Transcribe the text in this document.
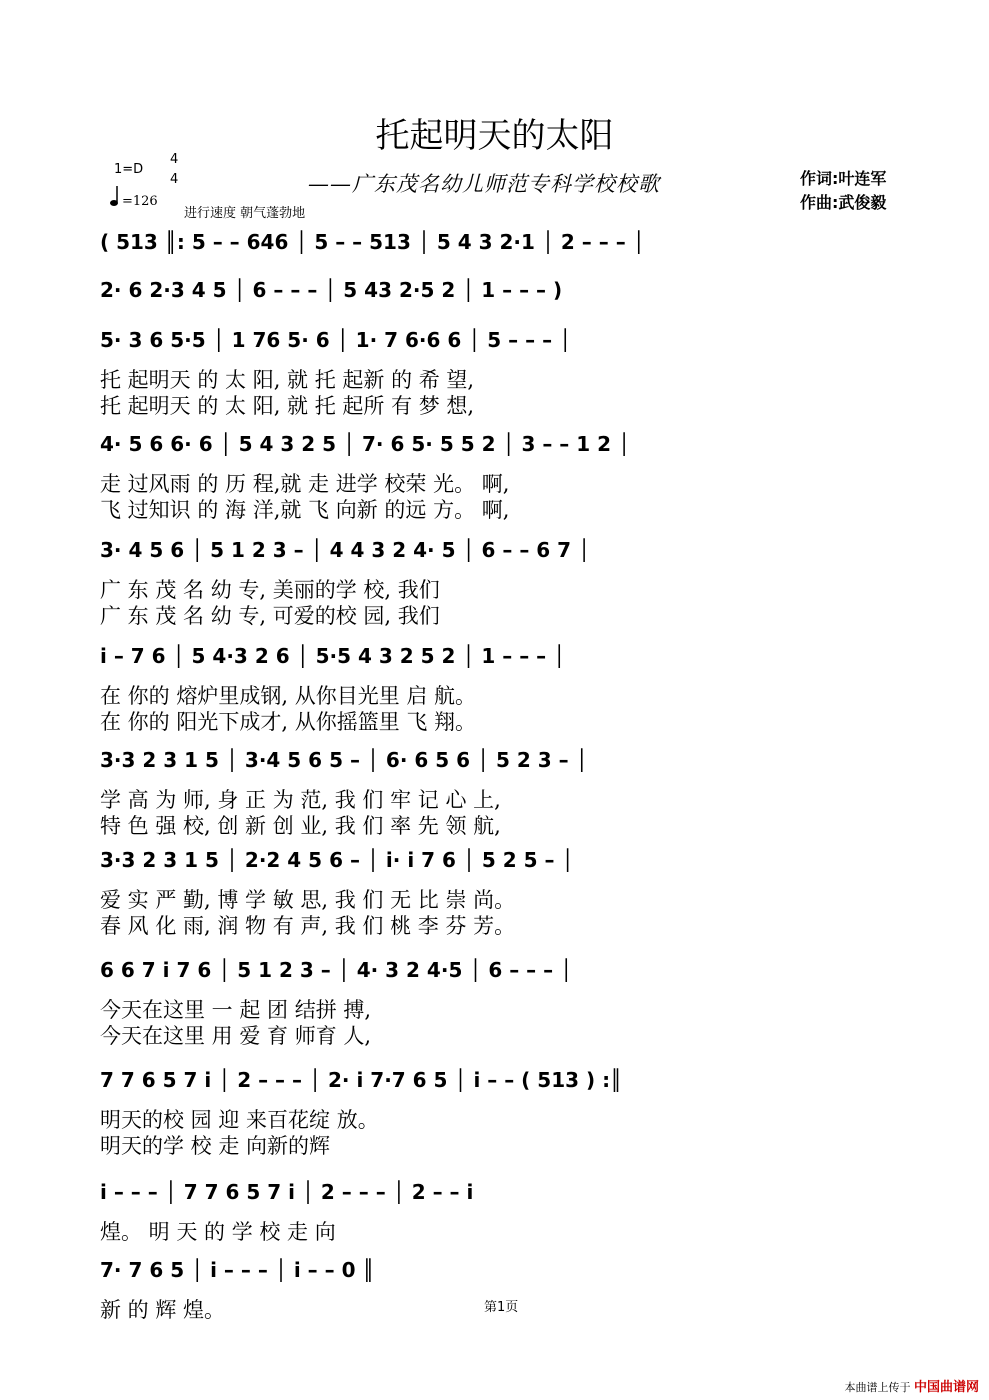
托起明天的太阳
1=D
4
4
=126
进行速度 朝气蓬勃地
——广东茂名幼儿师范专科学校校歌	作词:叶连军
作曲:武俊毅
( 513 ║: 5 – – 646 │ 5 – – 513 │ 5 4 3 2·1 │ 2 – – – │
2· 6 2·3 4 5 │ 6 – – – │ 5 43 2·5 2 │ 1 – – – )
5· 3 6 5·5 │ 1 76 5· 6 │ 1· 7 6·6 6 │ 5 – – – │
托 起明天 的 太 阳, 就 托 起新 的 希 望,
托 起明天 的 太 阳, 就 托 起所 有 梦 想,
4· 5 6 6· 6 │ 5 4 3 2 5 │ 7· 6 5· 5 5 2 │ 3 – – 1 2 │
走 过风雨 的 历 程,就 走 进学 校荣 光。 啊,
飞 过知识 的 海 洋,就 飞 向新 的远 方。 啊,
3· 4 5 6 │ 5 1 2 3 – │ 4 4 3 2 4· 5 │ 6 – – 6 7 │
广 东 茂 名 幼 专, 美丽的学 校, 我们
广 东 茂 名 幼 专, 可爱的校 园, 我们
i – 7 6 │ 5 4·3 2 6 │ 5·5 4 3 2 5 2 │ 1 – – – │
在 你的 熔炉里成钢, 从你目光里 启 航。
在 你的 阳光下成才, 从你摇篮里 飞 翔。
3·3 2 3 1 5 │ 3·4 5 6 5 – │ 6· 6 5 6 │ 5 2 3 – │
学 高 为 师, 身 正 为 范, 我 们 牢 记 心 上,
特 色 强 校, 创 新 创 业, 我 们 率 先 领 航,
3·3 2 3 1 5 │ 2·2 4 5 6 – │ i· i 7 6 │ 5 2 5 – │
爱 实 严 勤, 博 学 敏 思, 我 们 无 比 崇 尚。
春 风 化 雨, 润 物 有 声, 我 们 桃 李 芬 芳。
6 6 7 i 7 6 │ 5 1 2 3 – │ 4· 3 2 4·5 │ 6 – – – │
今天在这里 一 起 团 结拼 搏,
今天在这里 用 爱 育 师育 人,
7 7 6 5 7 i │ 2 – – – │ 2· i 7·7 6 5 │ i – – ( 513 ) :║
明天的校 园 迎 来百花绽 放。
明天的学 校 走 向新的辉
i – – – │ 7 7 6 5 7 i │ 2 – – – │ 2 – – i
煌。 明 天 的 学 校 走 向
7· 7 6 5 │ i – – – │ i – – 0 ║
新 的 辉 煌。	第1页
本曲谱上传于 中国曲谱网
